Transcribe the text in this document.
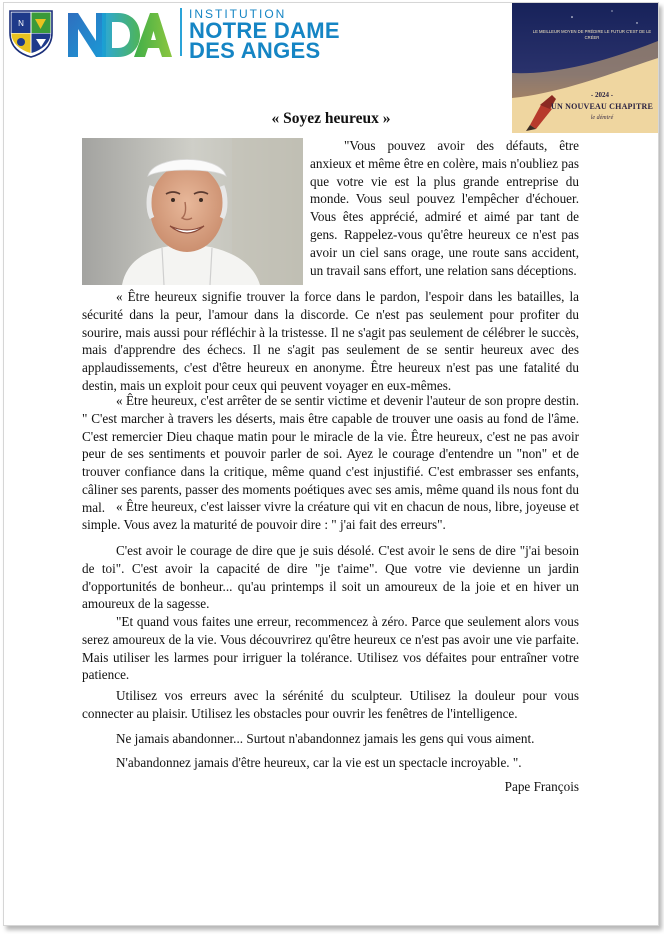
N
INSTITUTION
NOTRE DAME
DES ANGES
LE MEILLEUR MOYEN DE PRÉDIRE LE FUTUR C'EST DE LE CRÉER
- 2024 -
UN NOUVEAU CHAPITRE
le démiré
« Soyez heureux »

"Vous pouvez avoir des défauts, être anxieux et même être en colère, mais n'oubliez pas que votre vie est la plus grande entreprise du monde. Vous seul pouvez l'empêcher d'échouer. Vous êtes apprécié, admiré et aimé par tant de gens. Rappelez-vous qu'être heureux ce n'est pas avoir un ciel sans orage, une route sans accident, un travail sans effort, une relation sans déceptions.

« Être heureux signifie trouver la force dans le pardon, l'espoir dans les batailles, la sécurité dans la peur, l'amour dans la discorde. Ce n'est pas seulement pour profiter du sourire, mais aussi pour réfléchir à la tristesse. Il ne s'agit pas seulement de célébrer le succès, mais d'apprendre des échecs. Il ne s'agit pas seulement de se sentir heureux avec des applaudissements, c'est d'être heureux en anonyme. Être heureux n'est pas une fatalité du destin, mais un exploit pour ceux qui peuvent voyager en eux-mêmes.

« Être heureux, c'est arrêter de se sentir victime et devenir l'auteur de son propre destin. " C'est marcher à travers les déserts, mais être capable de trouver une oasis au fond de l'âme. C'est remercier Dieu chaque matin pour le miracle de la vie. Être heureux, c'est ne pas avoir peur de ses sentiments et pouvoir parler de soi. Ayez le courage d'entendre un "non" et de trouver confiance dans la critique, même quand c'est injustifié. C'est embrasser ses enfants, câliner ses parents, passer des moments poétiques avec ses amis, même quand ils nous font du mal. « Être heureux, c'est laisser vivre la créature qui vit en chacun de nous, libre, joyeuse et simple. Vous avez la maturité de pouvoir dire : " j'ai fait des erreurs".

C'est avoir le courage de dire que je suis désolé. C'est avoir le sens de dire "j'ai besoin de toi". C'est avoir la capacité de dire "je t'aime". Que votre vie devienne un jardin d'opportunités de bonheur... qu'au printemps il soit un amoureux de la joie et en hiver un amoureux de la sagesse.

"Et quand vous faites une erreur, recommencez à zéro. Parce que seulement alors vous serez amoureux de la vie. Vous découvrirez qu'être heureux ce n'est pas avoir une vie parfaite. Mais utiliser les larmes pour irriguer la tolérance. Utilisez vos défaites pour entraîner votre patience.

Utilisez vos erreurs avec la sérénité du sculpteur. Utilisez la douleur pour vous connecter au plaisir. Utilisez les obstacles pour ouvrir les fenêtres de l'intelligence.

Ne jamais abandonner... Surtout n'abandonnez jamais les gens qui vous aiment.

N'abandonnez jamais d'être heureux, car la vie est un spectacle incroyable. ".

Pape François
